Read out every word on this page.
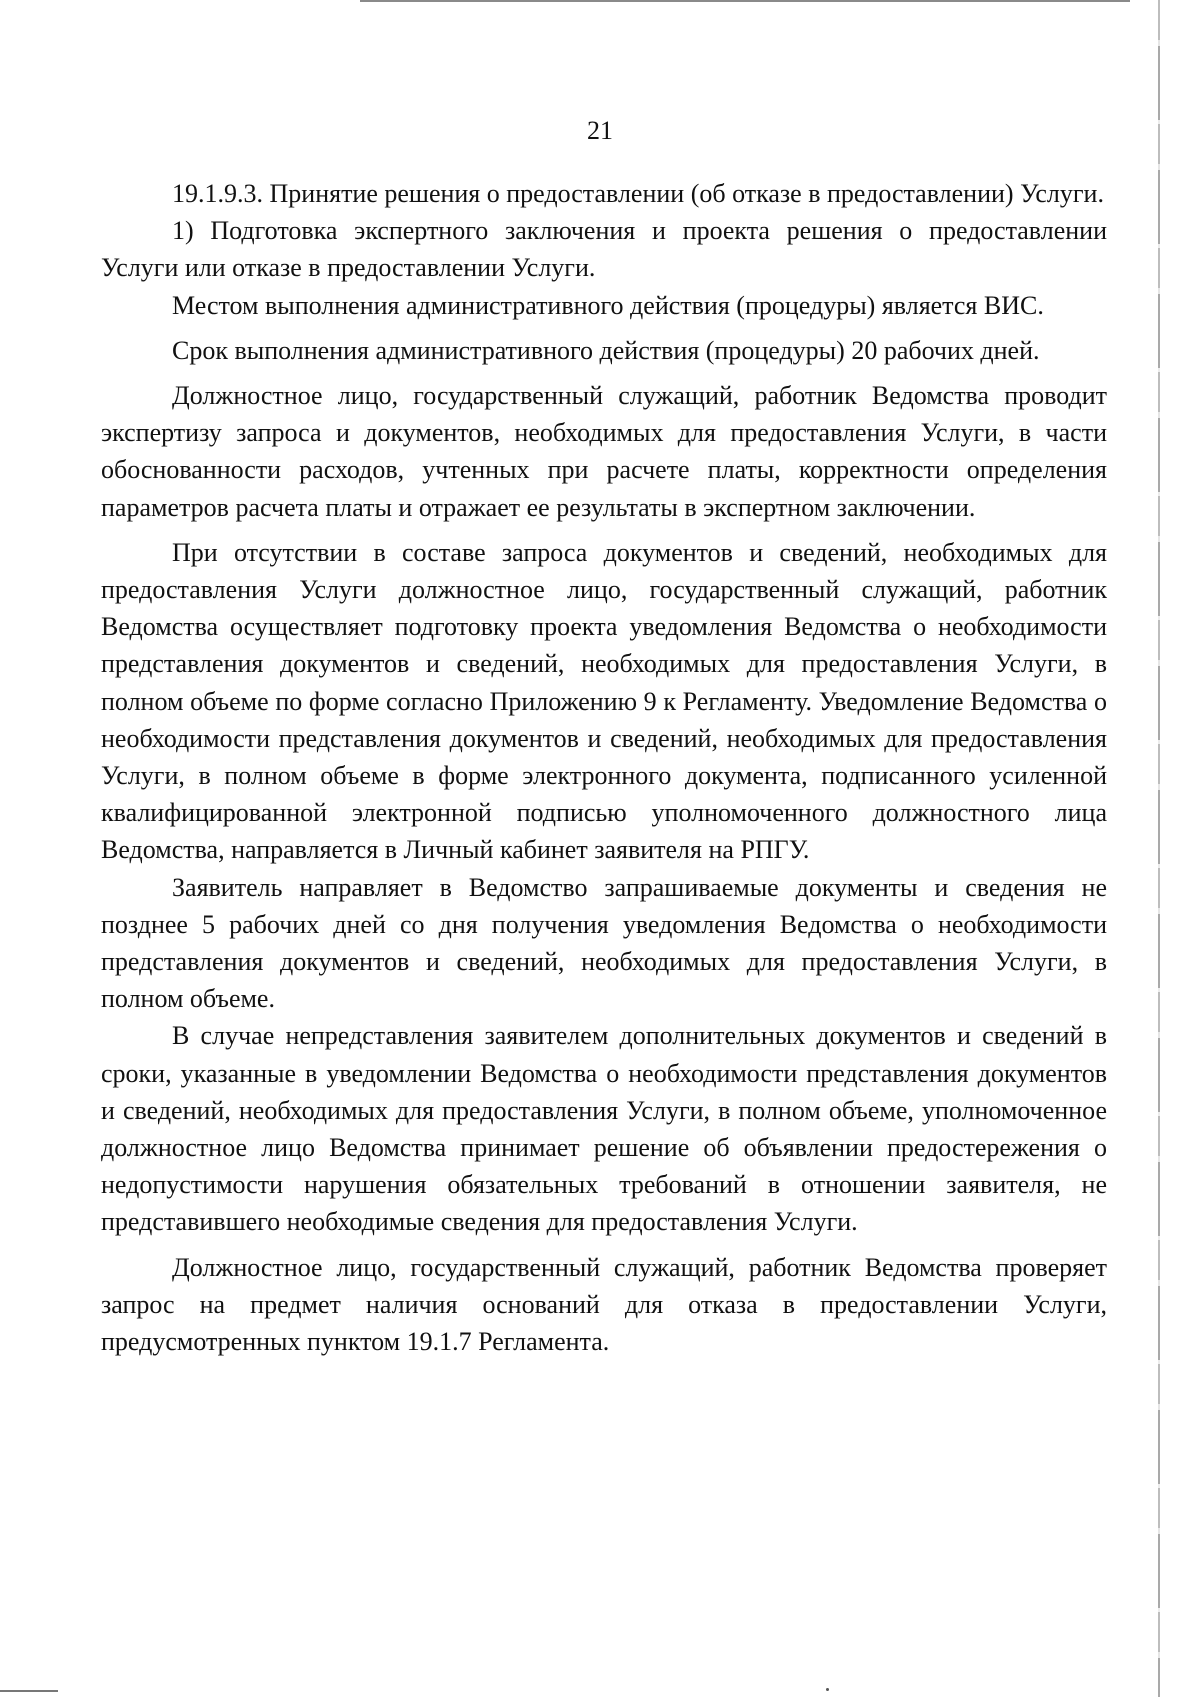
21

19.1.9.3. Принятие решения о предоставлении (об отказе в предоставлении) Услуги.

1) Подготовка экспертного заключения и проекта решения о предоставлении Услуги или отказе в предоставлении Услуги.

Местом выполнения административного действия (процедуры) является ВИС.

Срок выполнения административного действия (процедуры) 20 рабочих дней.

Должностное лицо, государственный служащий, работник Ведомства проводит экспертизу запроса и документов, необходимых для предоставления Услуги, в части обоснованности расходов, учтенных при расчете платы, корректности определения параметров расчета платы и отражает ее результаты в экспертном заключении.

При отсутствии в составе запроса документов и сведений, необходимых для предоставления Услуги должностное лицо, государственный служащий, работник Ведомства осуществляет подготовку проекта уведомления Ведомства о необходимости представления документов и сведений, необходимых для предоставления Услуги, в полном объеме по форме согласно Приложению 9 к Регламенту. Уведомление Ведомства о необходимости представления документов и сведений, необходимых для предоставления Услуги, в полном объеме в форме электронного документа, подписанного усиленной квалифицированной электронной подписью уполномоченного должностного лица Ведомства, направляется в Личный кабинет заявителя на РПГУ.

Заявитель направляет в Ведомство запрашиваемые документы и сведения не позднее 5 рабочих дней со дня получения уведомления Ведомства о необходимости представления документов и сведений, необходимых для предоставления Услуги, в полном объеме.

В случае непредставления заявителем дополнительных документов и сведений в сроки, указанные в уведомлении Ведомства о необходимости представления документов и сведений, необходимых для предоставления Услуги, в полном объеме, уполномоченное должностное лицо Ведомства принимает решение об объявлении предостережения о недопустимости нарушения обязательных требований в отношении заявителя, не представившего необходимые сведения для предоставления Услуги.

Должностное лицо, государственный служащий, работник Ведомства проверяет запрос на предмет наличия оснований для отказа в предоставлении Услуги, предусмотренных пунктом 19.1.7 Регламента.
